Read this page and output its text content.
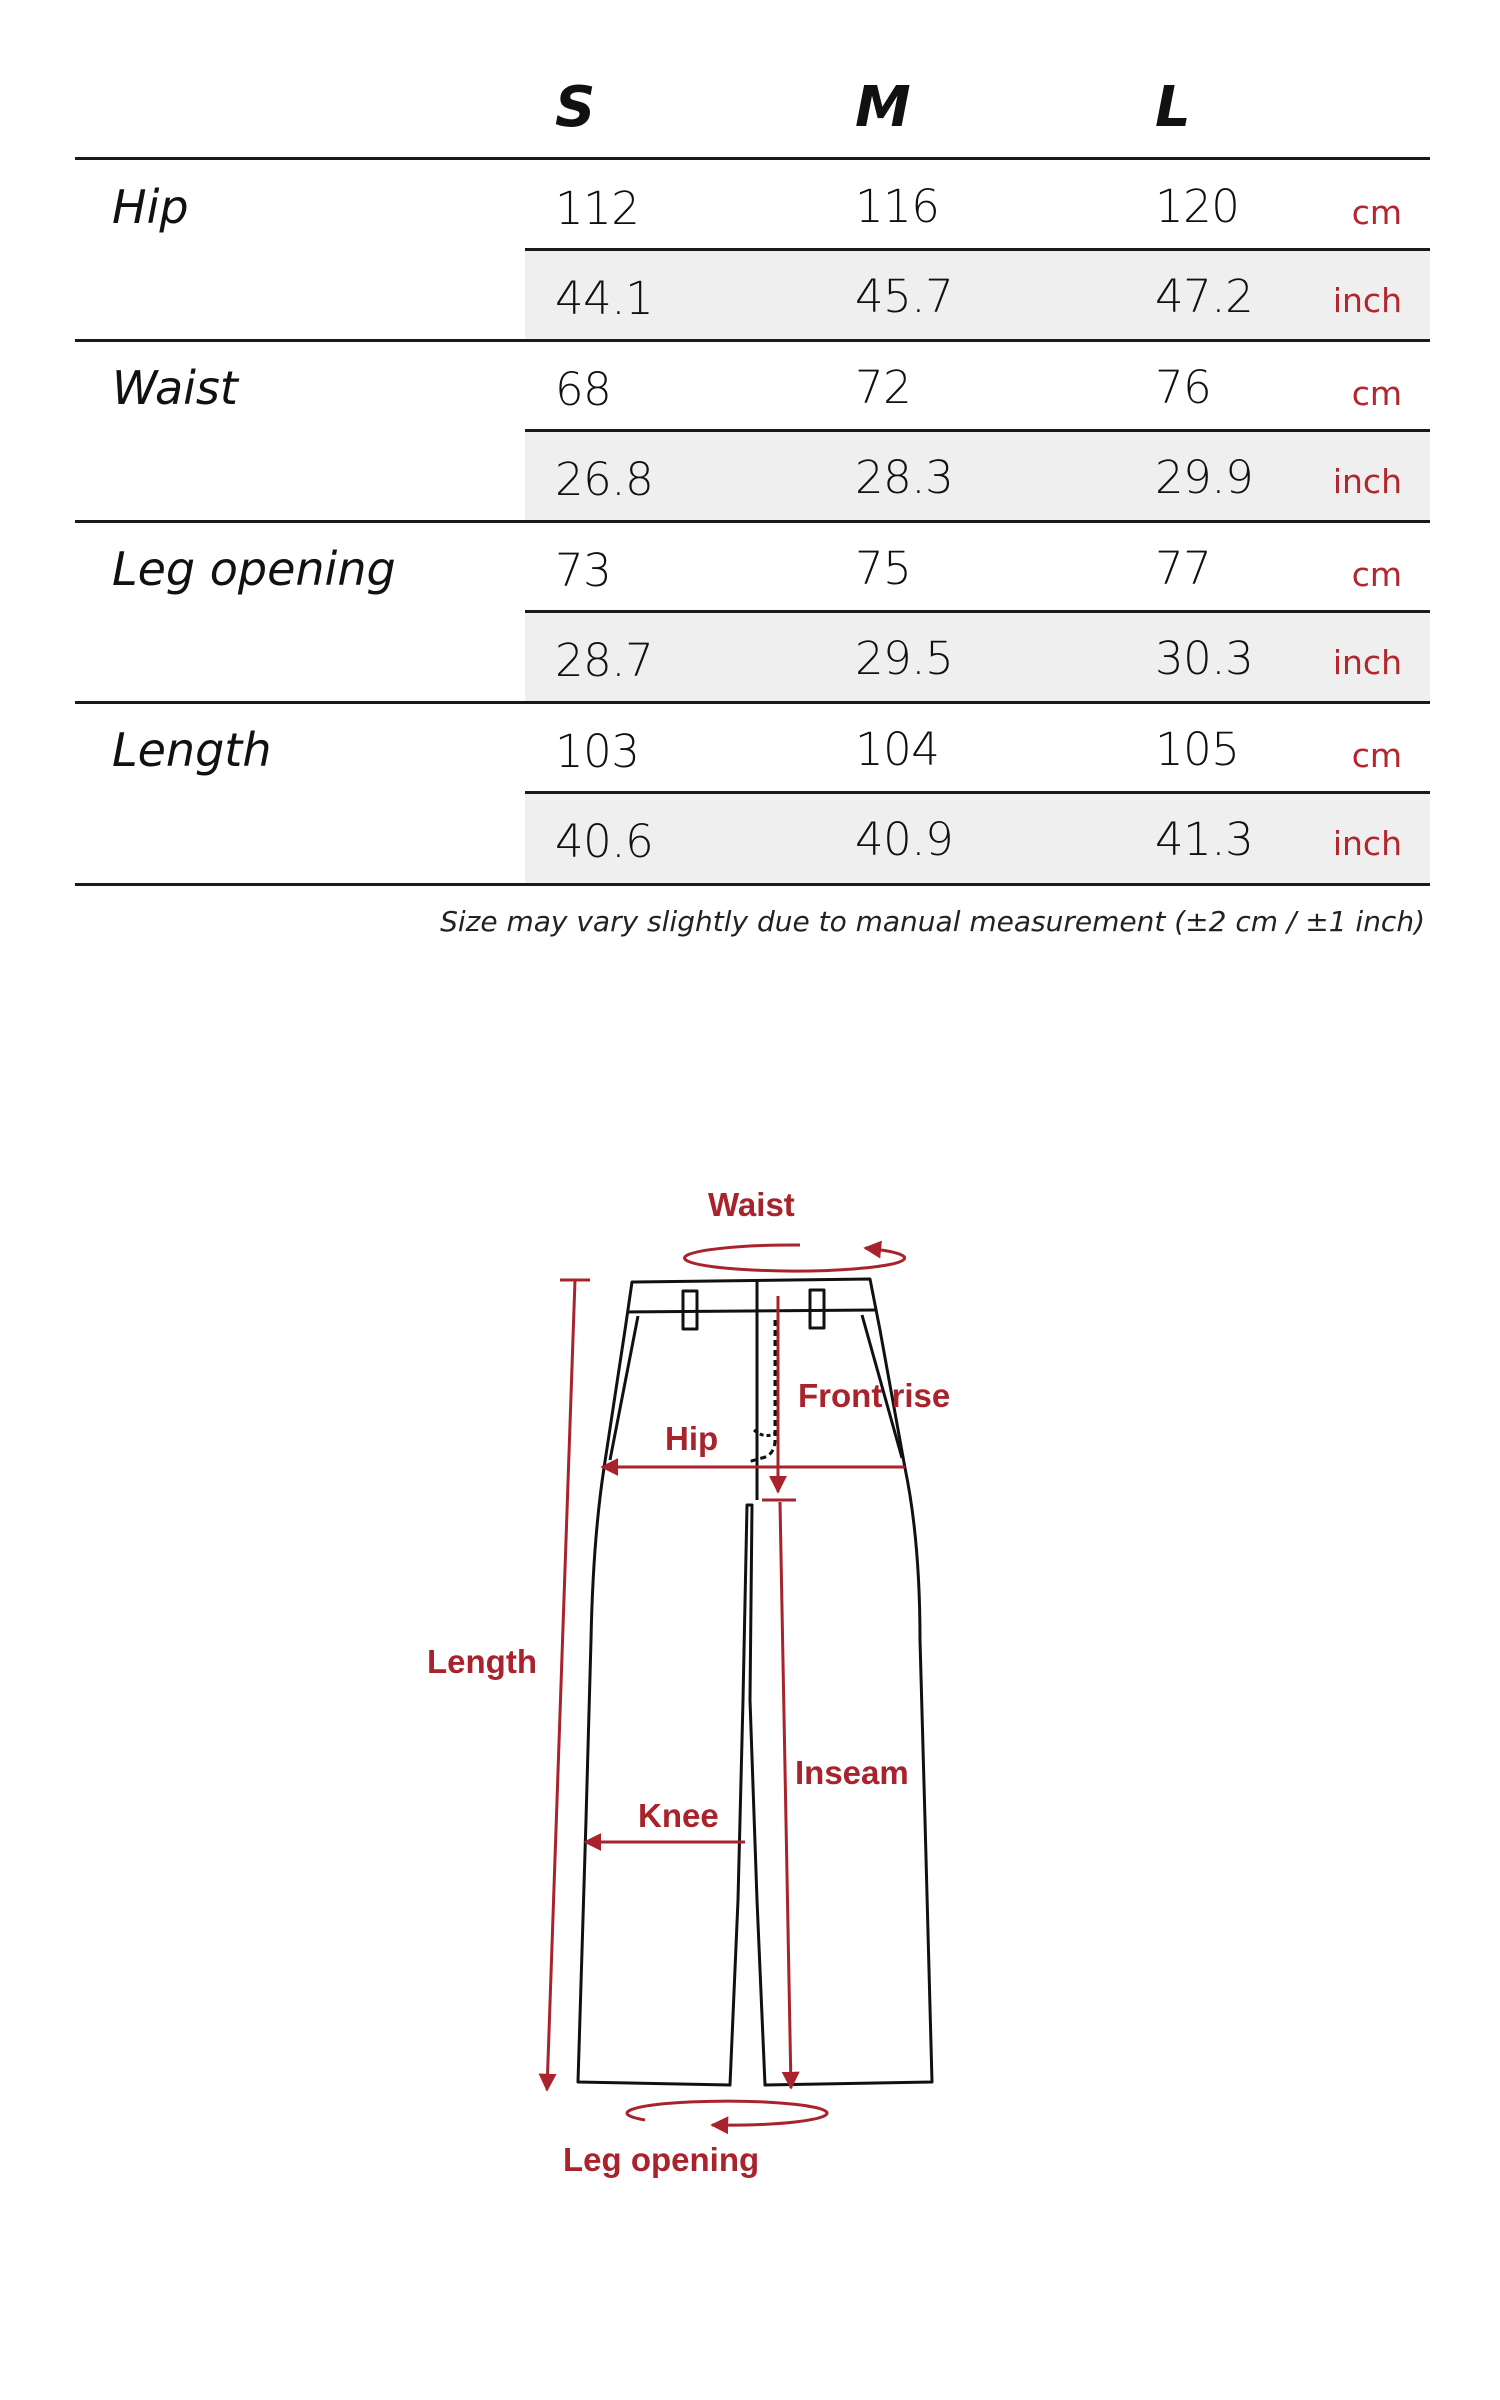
S	M	L
Hip	112	116	120	cm
44.1	45.7	47.2 inch
Waist	68	72	76	cm
26.8	28.3	29.9 inch
Leg opening	73	75	77	cm
28.7	29.5	30.3 inch
Length	103	104	105	cm
40.6	40.9	41.3 inch
Size may vary slightly due to manual measurement (±2 cm / ±1 inch)
Waist
Front rise
Hip
Length
Inseam
Knee
Leg opening
